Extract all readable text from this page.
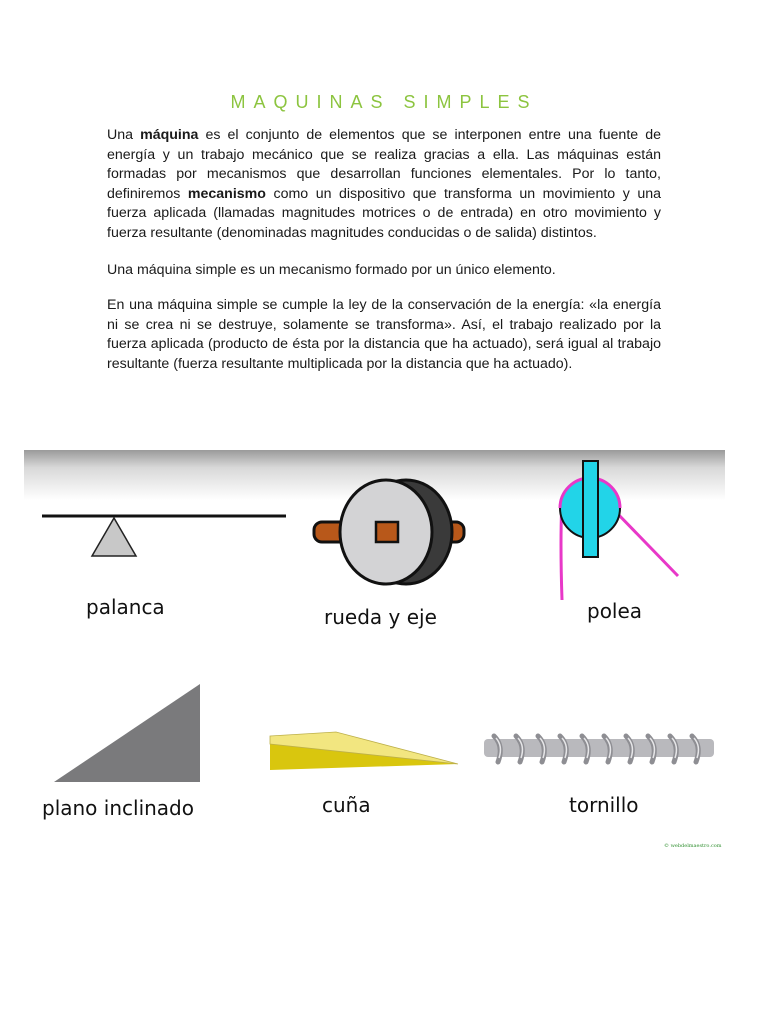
MAQUINAS SIMPLES
Una máquina es el conjunto de elementos que se interponen entre una fuente de energía y un trabajo mecánico que se realiza gracias a ella. Las máquinas están formadas por mecanismos que desarrollan funciones elementales. Por lo tanto, definiremos mecanismo como un dispositivo que transforma un movimiento y una fuerza aplicada (llamadas magnitudes motrices o de entrada) en otro movimiento y fuerza resultante (denominadas magnitudes conducidas o de salida) distintos.
Una máquina simple es un mecanismo formado por un único elemento.
En una máquina simple se cumple la ley de la conservación de la energía: «la energía ni se crea ni se destruye, solamente se transforma». Así, el trabajo realizado por la fuerza aplicada (producto de ésta por la distancia que ha actuado), será igual al trabajo resultante (fuerza resultante multiplicada por la distancia que ha actuado).
palanca	rueda y eje	polea
plano inclinado	cuña	tornillo
© webdelmaestro.com
